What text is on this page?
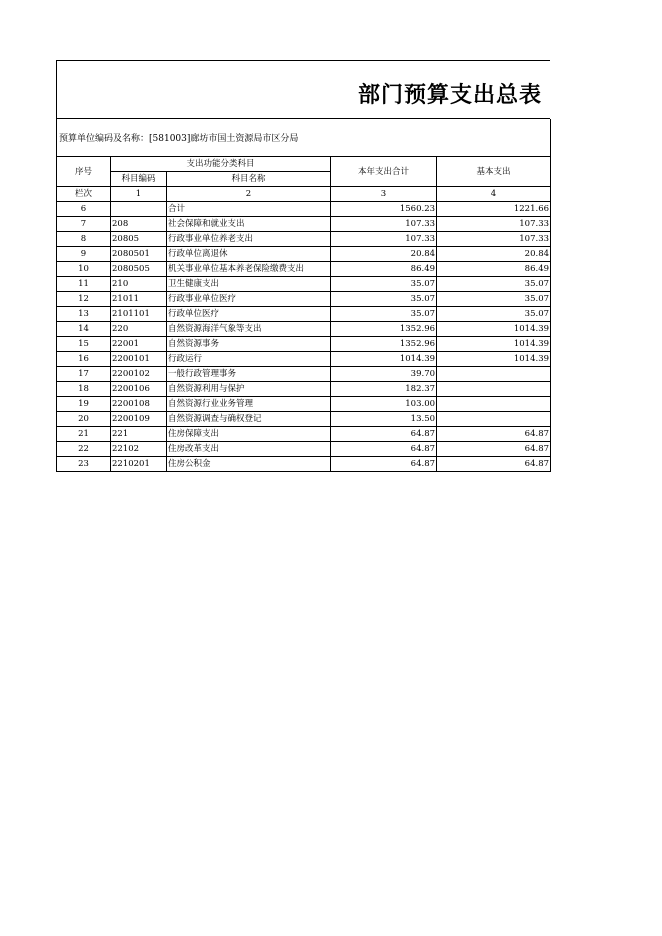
部门预算支出总表
预算单位编码及名称：[581003]廊坊市国土资源局市区分局
序号	支出功能分类科目		本年支出合计	基本支出
	科目编码	科目名称		
栏次	1	2	3	4
6		合计	1560.23	1221.66
7	208	社会保障和就业支出	107.33	107.33
8	20805	行政事业单位养老支出	107.33	107.33
9	2080501	行政单位离退休	20.84	20.84
10	2080505	机关事业单位基本养老保险缴费支出	86.49	86.49
11	210	卫生健康支出	35.07	35.07
12	21011	行政事业单位医疗	35.07	35.07
13	2101101	行政单位医疗	35.07	35.07
14	220	自然资源海洋气象等支出	1352.96	1014.39
15	22001	自然资源事务	1352.96	1014.39
16	2200101	行政运行	1014.39	1014.39
17	2200102	一般行政管理事务	39.70	
18	2200106	自然资源利用与保护	182.37	
19	2200108	自然资源行业业务管理	103.00	
20	2200109	自然资源调查与确权登记	13.50	
21	221	住房保障支出	64.87	64.87
22	22102	住房改革支出	64.87	64.87
23	2210201	住房公积金	64.87	64.87
